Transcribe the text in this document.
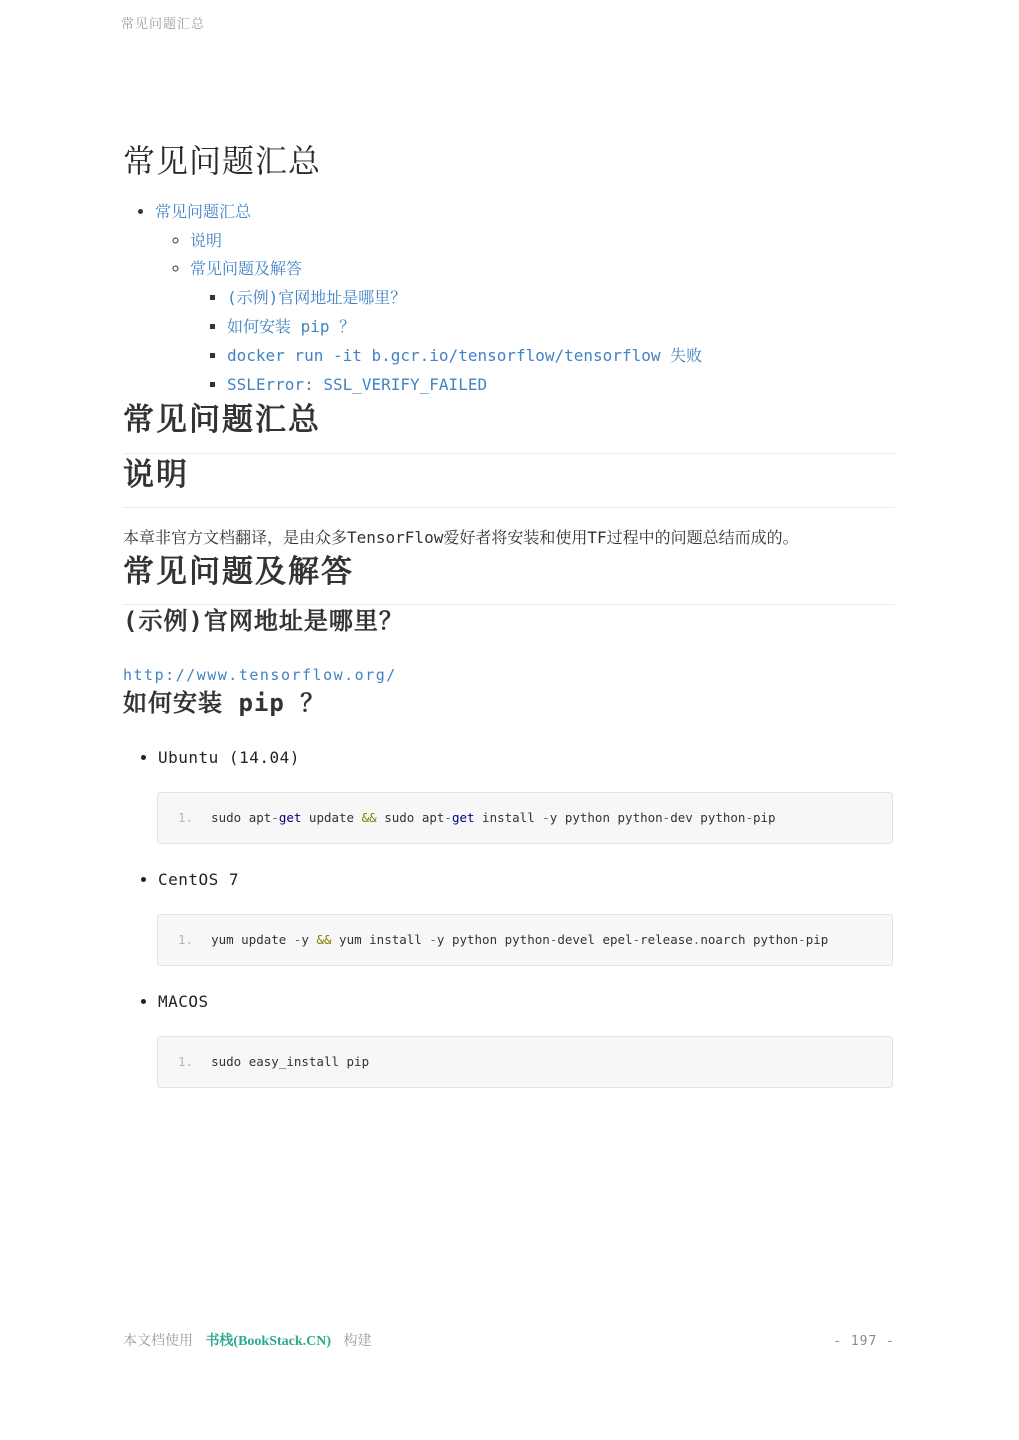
常见问题汇总
常见问题汇总
• 常见问题汇总
◦ 说明
◦ 常见问题及解答
▪ (示例)官网地址是哪里？
▪ 如何安装 pip ？
▪ docker run -it b.gcr.io/tensorflow/tensorflow 失败
▪ SSLError: SSL_VERIFY_FAILED
常见问题汇总
说明

本章非官方文档翻译，是由众多TensorFlow爱好者将安装和使用TF过程中的问题总结而成的。

常见问题及解答
(示例)官网地址是哪里？

http://www.tensorflow.org/

如何安装 pip ？
• Ubuntu (14.04)
1. sudo apt-get update && sudo apt-get install -y python python-dev python-pip
• CentOS 7
1. yum update -y && yum install -y python python-devel epel-release.noarch python-pip
• MACOS
1. sudo easy_install pip
本文档使用 书栈(BookStack.CN) 构建	- 197 -
